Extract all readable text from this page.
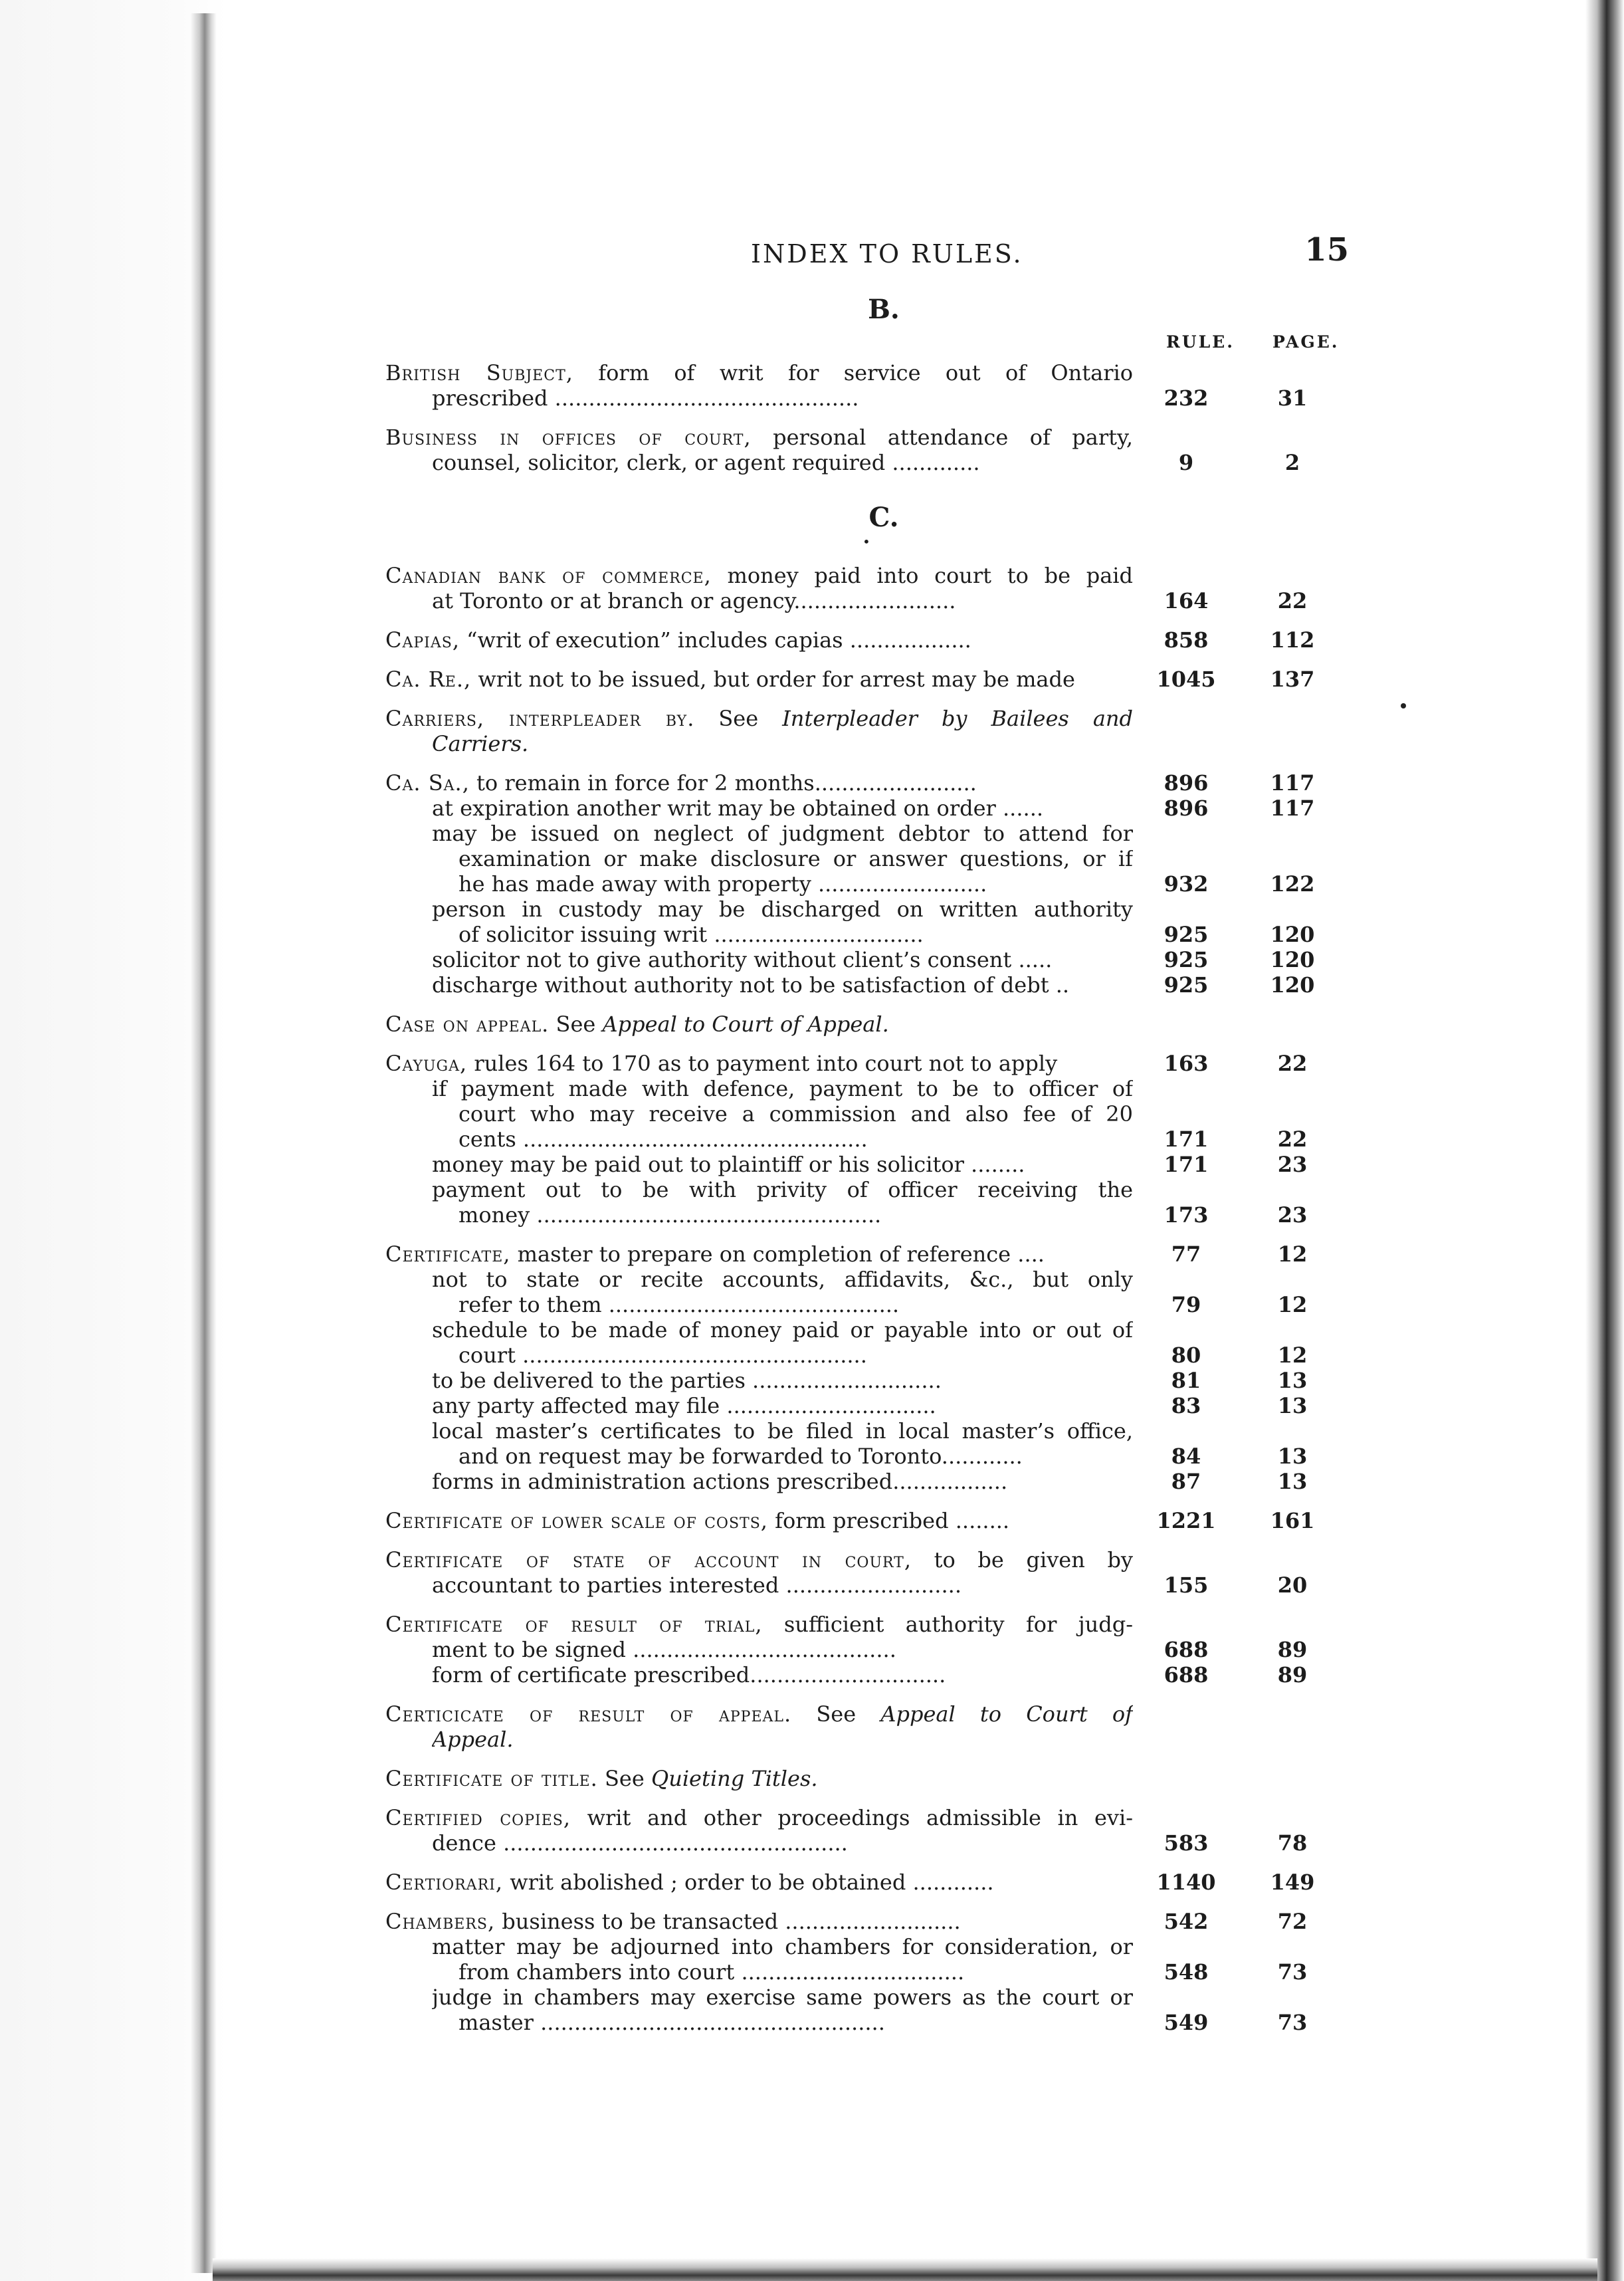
INDEX TO RULES.	15
B.
RULE. PAGE.
British Subject, form of writ for service out of Ontario
prescribed .............................................	232	31
Business in offices of court, personal attendance of party,
counsel, solicitor, clerk, or agent required .............	9	2
C.
•
Canadian bank of commerce, money paid into court to be paid
at Toronto or at branch or agency........................	164	22
Capias, “writ of execution” includes capias ..................	858	112
Ca. Re., writ not to be issued, but order for arrest may be made	1045	137
Carriers, interpleader by. See Interpleader by Bailees and
Carriers.
Ca. Sa., to remain in force for 2 months........................	896	117
at expiration another writ may be obtained on order ......	896	117
may be issued on neglect of judgment debtor to attend for
examination or make disclosure or answer questions, or if
he has made away with property .........................	932	122
person in custody may be discharged on written authority
of solicitor issuing writ ...............................	925	120
solicitor not to give authority without client’s consent .....	925	120
discharge without authority not to be satisfaction of debt ..	925	120
Case on appeal. See Appeal to Court of Appeal.
Cayuga, rules 164 to 170 as to payment into court not to apply	163	22
if payment made with defence, payment to be to officer of
court who may receive a commission and also fee of 20
cents ...................................................	171	22
money may be paid out to plaintiff or his solicitor ........	171	23
payment out to be with privity of officer receiving the
money ...................................................	173	23
Certificate, master to prepare on completion of reference ....	77	12
not to state or recite accounts, affidavits, &c., but only
refer to them ...........................................	79	12
schedule to be made of money paid or payable into or out of
court ...................................................	80	12
to be delivered to the parties ............................	81	13
any party affected may file ...............................	83	13
local master’s certificates to be filed in local master’s office,
and on request may be forwarded to Toronto............	84	13
forms in administration actions prescribed.................	87	13
Certificate of lower scale of costs, form prescribed ........	1221	161
Certificate of state of account in court, to be given by
accountant to parties interested ..........................	155	20
Certificate of result of trial, sufficient authority for judg-
ment to be signed .......................................	688	89
form of certificate prescribed.............................	688	89
Certicicate of result of appeal. See Appeal to Court of
Appeal.
Certificate of title. See Quieting Titles.
Certified copies, writ and other proceedings admissible in evi-
dence ...................................................	583	78
Certiorari, writ abolished ; order to be obtained ............	1140	149
Chambers, business to be transacted ..........................	542	72
matter may be adjourned into chambers for consideration, or
from chambers into court .................................	548	73
judge in chambers may exercise same powers as the court or
master ...................................................	549	73
